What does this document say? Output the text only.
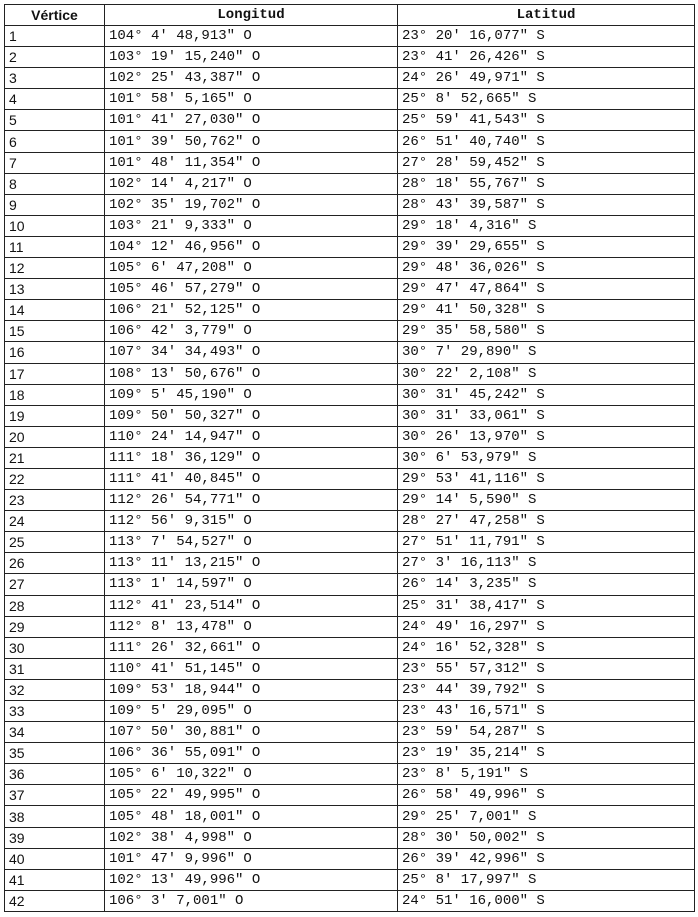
Vértice	Longitud	Latitud
1	104° 4' 48,913" O	23° 20' 16,077" S
2	103° 19' 15,240" O	23° 41' 26,426" S
3	102° 25' 43,387" O	24° 26' 49,971" S
4	101° 58' 5,165" O	25° 8' 52,665" S
5	101° 41' 27,030" O	25° 59' 41,543" S
6	101° 39' 50,762" O	26° 51' 40,740" S
7	101° 48' 11,354" O	27° 28' 59,452" S
8	102° 14' 4,217" O	28° 18' 55,767" S
9	102° 35' 19,702" O	28° 43' 39,587" S
10	103° 21' 9,333" O	29° 18' 4,316" S
11	104° 12' 46,956" O	29° 39' 29,655" S
12	105° 6' 47,208" O	29° 48' 36,026" S
13	105° 46' 57,279" O	29° 47' 47,864" S
14	106° 21' 52,125" O	29° 41' 50,328" S
15	106° 42' 3,779" O	29° 35' 58,580" S
16	107° 34' 34,493" O	30° 7' 29,890" S
17	108° 13' 50,676" O	30° 22' 2,108" S
18	109° 5' 45,190" O	30° 31' 45,242" S
19	109° 50' 50,327" O	30° 31' 33,061" S
20	110° 24' 14,947" O	30° 26' 13,970" S
21	111° 18' 36,129" O	30° 6' 53,979" S
22	111° 41' 40,845" O	29° 53' 41,116" S
23	112° 26' 54,771" O	29° 14' 5,590" S
24	112° 56' 9,315" O	28° 27' 47,258" S
25	113° 7' 54,527" O	27° 51' 11,791" S
26	113° 11' 13,215" O	27° 3' 16,113" S
27	113° 1' 14,597" O	26° 14' 3,235" S
28	112° 41' 23,514" O	25° 31' 38,417" S
29	112° 8' 13,478" O	24° 49' 16,297" S
30	111° 26' 32,661" O	24° 16' 52,328" S
31	110° 41' 51,145" O	23° 55' 57,312" S
32	109° 53' 18,944" O	23° 44' 39,792" S
33	109° 5' 29,095" O	23° 43' 16,571" S
34	107° 50' 30,881" O	23° 59' 54,287" S
35	106° 36' 55,091" O	23° 19' 35,214" S
36	105° 6' 10,322" O	23° 8' 5,191" S
37	105° 22' 49,995" O	26° 58' 49,996" S
38	105° 48' 18,001" O	29° 25' 7,001" S
39	102° 38' 4,998" O	28° 30' 50,002" S
40	101° 47' 9,996" O	26° 39' 42,996" S
41	102° 13' 49,996" O	25° 8' 17,997" S
42	106° 3' 7,001" O	24° 51' 16,000" S
